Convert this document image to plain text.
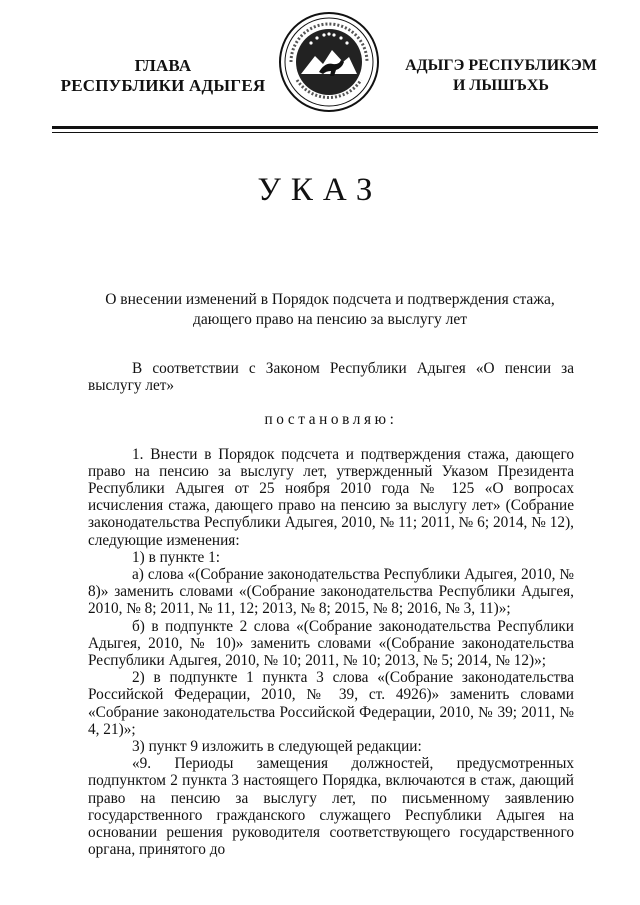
ГЛАВА
РЕСПУБЛИКИ АДЫГЕЯ
АДЫГЭ РЕСПУБЛИКЭМ
И ЛЫШЪХЬ
УКАЗ
О внесении изменений в Порядок подсчета и подтверждения стажа,
дающего право на пенсию за выслугу лет

В соответствии с Законом Республики Адыгея «О пенсии за выслугу лет»

постановляю:

1. Внести в Порядок подсчета и подтверждения стажа, дающего право на пенсию за выслугу лет, утвержденный Указом Президента Республики Адыгея от 25 ноября 2010 года № 125 «О вопросах исчисления стажа, дающего право на пенсию за выслугу лет» (Собрание законодательства Республики Адыгея, 2010, № 11; 2011, № 6; 2014, № 12), следующие изменения:

1) в пункте 1:

а) слова «(Собрание законодательства Республики Адыгея, 2010, № 8)» заменить словами «(Собрание законодательства Республики Адыгея, 2010, № 8; 2011, № 11, 12; 2013, № 8; 2015, № 8; 2016, № 3, 11)»;

б) в подпункте 2 слова «(Собрание законодательства Республики Адыгея, 2010, № 10)» заменить словами «(Собрание законодательства Республики Адыгея, 2010, № 10; 2011, № 10; 2013, № 5; 2014, № 12)»;

2) в подпункте 1 пункта 3 слова «(Собрание законодательства Российской Федерации, 2010, № 39, ст. 4926)» заменить словами «Собрание законодательства Российской Федерации, 2010, № 39; 2011, № 4, 21)»;

3) пункт 9 изложить в следующей редакции:

«9. Периоды замещения должностей, предусмотренных подпунктом 2 пункта 3 настоящего Порядка, включаются в стаж, дающий право на пенсию за выслугу лет, по письменному заявлению государственного гражданского служащего Республики Адыгея на основании решения руководителя соответствующего государственного органа, принятого до
